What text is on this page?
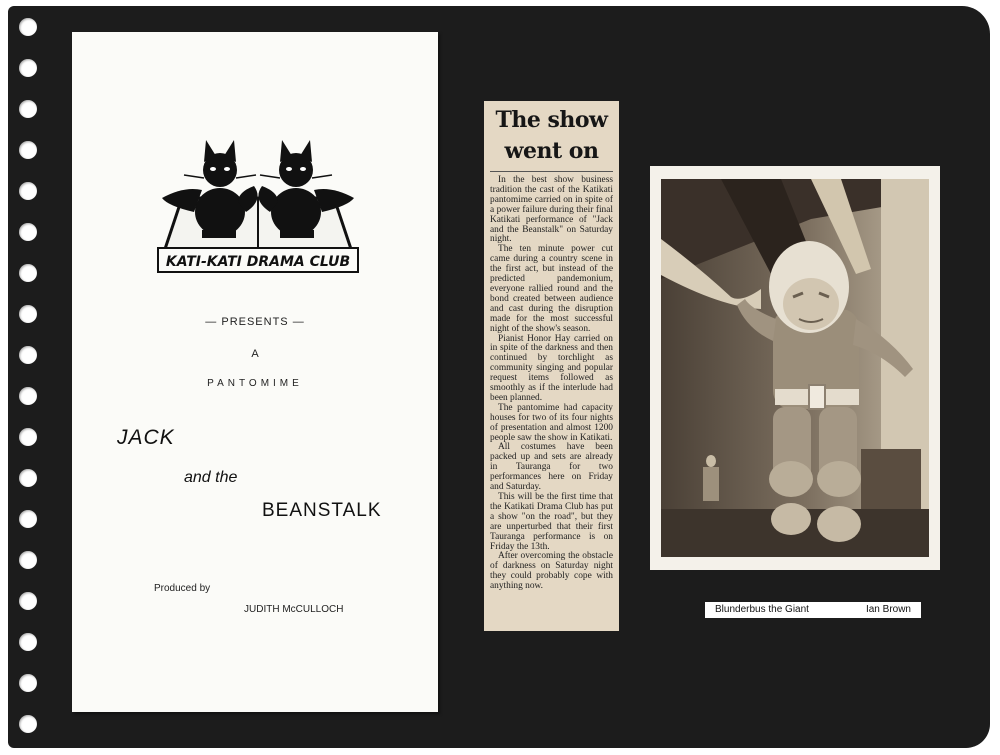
KATI-KATI DRAMA CLUB
— PRESENTS —
A
PANTOMIME
JACK
and the
BEANSTALK
Produced by
JUDITH McCULLOCH
The show
went on

In the best show business tradition the cast of the Katikati pantomime carried on in spite of a power failure during their final Katikati performance of "Jack and the Beanstalk" on Saturday night.

The ten minute power cut came during a country scene in the first act, but instead of the predicted pandemonium, everyone rallied round and the bond created between audience and cast during the disruption made for the most successful night of the show's season.

Pianist Honor Hay carried on in spite of the darkness and then continued by torchlight as community singing and popular request items followed as smoothly as if the interlude had been planned.

The pantomime had capacity houses for two of its four nights of presentation and almost 1200 people saw the show in Katikati.

All costumes have been packed up and sets are already in Tauranga for two performances here on Friday and Saturday.

This will be the first time that the Katikati Drama Club has put a show "on the road", but they are unperturbed that their first Tauranga performance is on Friday the 13th.

After overcoming the obstacle of darkness on Saturday night they could probably cope with anything now.

Blunderbus the Giant	Ian Brown
